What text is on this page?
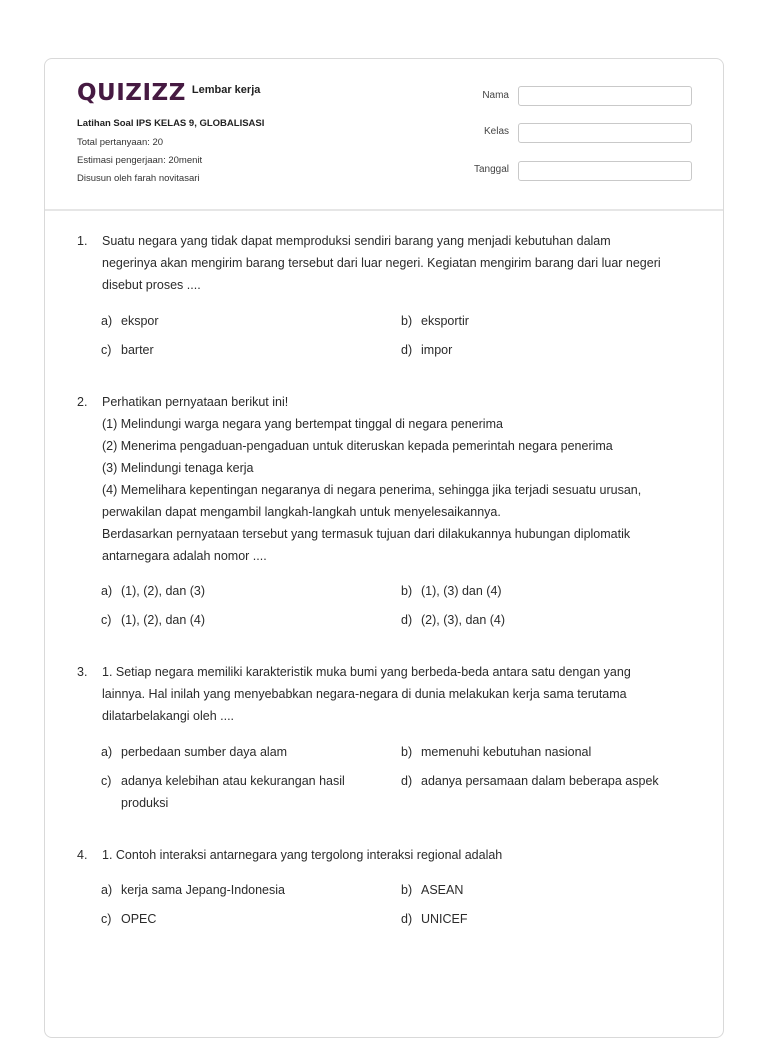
QUIZIZZ Lembar kerja
Latihan Soal IPS KELAS 9, GLOBALISASI
Total pertanyaan: 20
Estimasi pengerjaan: 20menit
Disusun oleh farah novitasari
Nama
Kelas
Tanggal
1. Suatu negara yang tidak dapat memproduksi sendiri barang yang menjadi kebutuhan dalam
negerinya akan mengirim barang tersebut dari luar negeri. Kegiatan mengirim barang dari luar negeri
disebut proses ....
a) ekspor	b) eksportir
c) barter	d) impor
2. Perhatikan pernyataan berikut ini!
(1) Melindungi warga negara yang bertempat tinggal di negara penerima
(2) Menerima pengaduan-pengaduan untuk diteruskan kepada pemerintah negara penerima
(3) Melindungi tenaga kerja
(4) Memelihara kepentingan negaranya di negara penerima, sehingga jika terjadi sesuatu urusan,
perwakilan dapat mengambil langkah-langkah untuk menyelesaikannya.
Berdasarkan pernyataan tersebut yang termasuk tujuan dari dilakukannya hubungan diplomatik
antarnegara adalah nomor ....
a) (1), (2), dan (3)	b) (1), (3) dan (4)
c) (1), (2), dan (4)	d) (2), (3), dan (4)
3. 1. Setiap negara memiliki karakteristik muka bumi yang berbeda-beda antara satu dengan yang
lainnya. Hal inilah yang menyebabkan negara-negara di dunia melakukan kerja sama terutama
dilatarbelakangi oleh ....
a) perbedaan sumber daya alam	b) memenuhi kebutuhan nasional
c) adanya kelebihan atau kekurangan hasil produksi
d) adanya persamaan dalam beberapa aspek
4. 1. Contoh interaksi antarnegara yang tergolong interaksi regional adalah
a) kerja sama Jepang-Indonesia	b) ASEAN
c) OPEC	d) UNICEF
